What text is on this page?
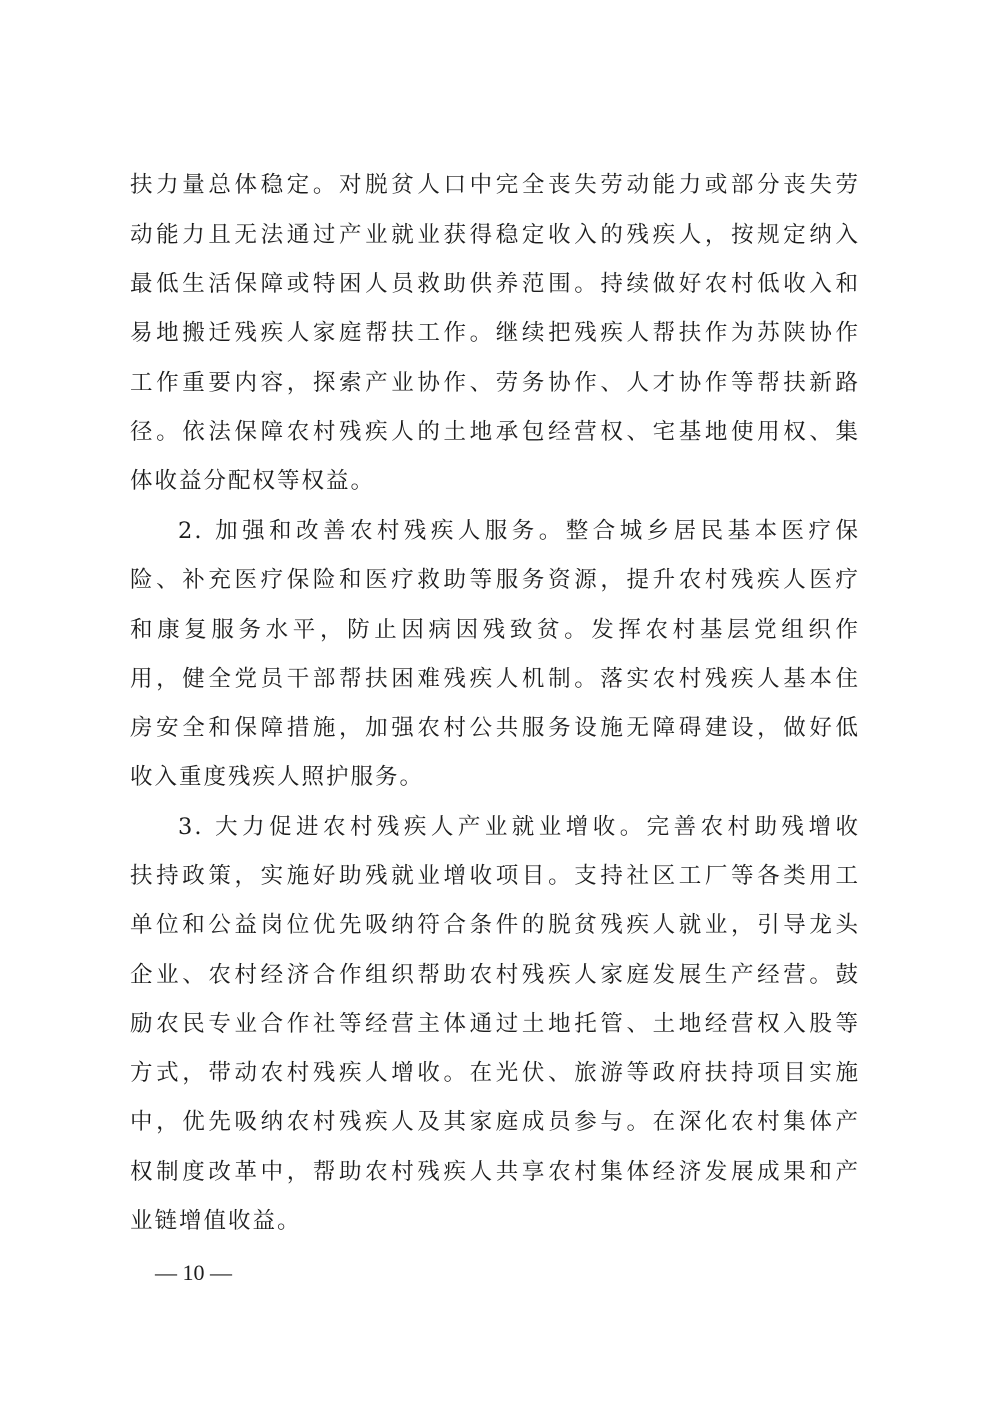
扶力量总体稳定。对脱贫人口中完全丧失劳动能力或部分丧失劳
动能力且无法通过产业就业获得稳定收入的残疾人，按规定纳入
最低生活保障或特困人员救助供养范围。持续做好农村低收入和
易地搬迁残疾人家庭帮扶工作。继续把残疾人帮扶作为苏陕协作
工作重要内容，探索产业协作、劳务协作、人才协作等帮扶新路
径。依法保障农村残疾人的土地承包经营权、宅基地使用权、集
体收益分配权等权益。
2. 加强和改善农村残疾人服务。整合城乡居民基本医疗保
险、补充医疗保险和医疗救助等服务资源，提升农村残疾人医疗
和康复服务水平，防止因病因残致贫。发挥农村基层党组织作
用，健全党员干部帮扶困难残疾人机制。落实农村残疾人基本住
房安全和保障措施，加强农村公共服务设施无障碍建设，做好低
收入重度残疾人照护服务。
3. 大力促进农村残疾人产业就业增收。完善农村助残增收
扶持政策，实施好助残就业增收项目。支持社区工厂等各类用工
单位和公益岗位优先吸纳符合条件的脱贫残疾人就业，引导龙头
企业、农村经济合作组织帮助农村残疾人家庭发展生产经营。鼓
励农民专业合作社等经营主体通过土地托管、土地经营权入股等
方式，带动农村残疾人增收。在光伏、旅游等政府扶持项目实施
中，优先吸纳农村残疾人及其家庭成员参与。在深化农村集体产
权制度改革中，帮助农村残疾人共享农村集体经济发展成果和产
业链增值收益。
— 10 —
